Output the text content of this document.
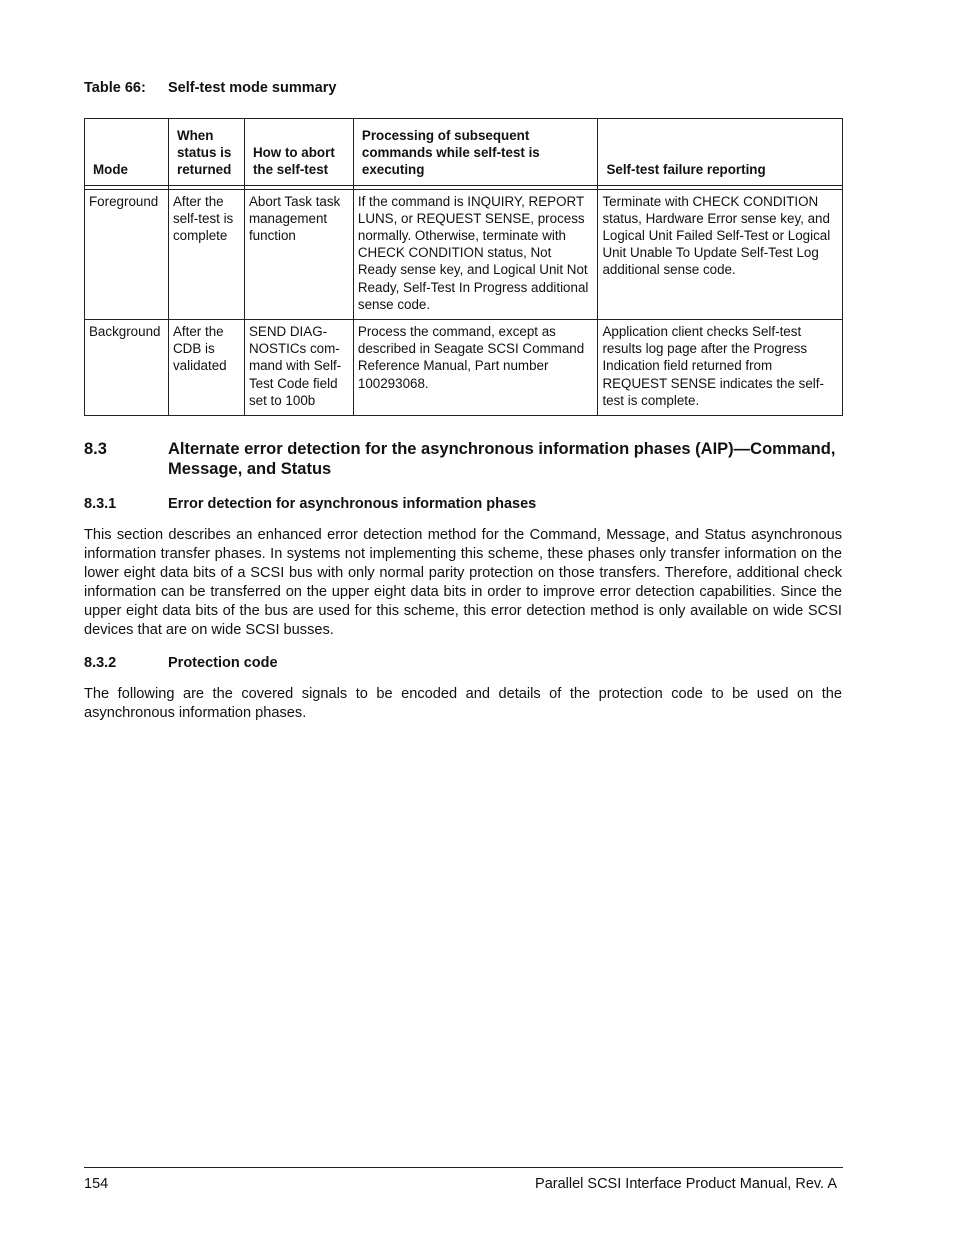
Table 66: Self-test mode summary
Mode	When status is returned	How to abort the self-test	Processing of subsequent commands while self-test is executing	Self-test failure reporting

Foreground	After the self-test is complete	Abort Task task management function	If the command is INQUIRY, REPORT LUNS, or REQUEST SENSE, process normally. Otherwise, terminate with CHECK CONDITION status, Not Ready sense key, and Logical Unit Not Ready, Self-Test In Progress additional sense code.	Terminate with CHECK CONDITION status, Hardware Error sense key, and Logical Unit Failed Self-Test or Logical Unit Unable To Update Self-Test Log additional sense code.
Background	After the CDB is validated	SEND DIAG-NOSTICs com-mand with Self-Test Code field set to 100b	Process the command, except as described in Seagate SCSI Command Reference Manual, Part number 100293068.	Application client checks Self-test results log page after the Progress Indication field returned from REQUEST SENSE indicates the self-test is complete.
8.3	Alternate error detection for the asynchronous information phases (AIP)—Command, Message, and Status
8.3.1	Error detection for asynchronous information phases
This section describes an enhanced error detection method for the Command, Message, and Status asynchronous information transfer phases. In systems not implementing this scheme, these phases only transfer information on the lower eight data bits of a SCSI bus with only normal parity protection on those transfers. Therefore, additional check information can be transferred on the upper eight data bits in order to improve error detection capabilities. Since the upper eight data bits of the bus are used for this scheme, this error detection method is only available on wide SCSI devices that are on wide SCSI busses.
8.3.2	Protection code
The following are the covered signals to be encoded and details of the protection code to be used on the asynchronous information phases.
154	Parallel SCSI Interface Product Manual, Rev. A
